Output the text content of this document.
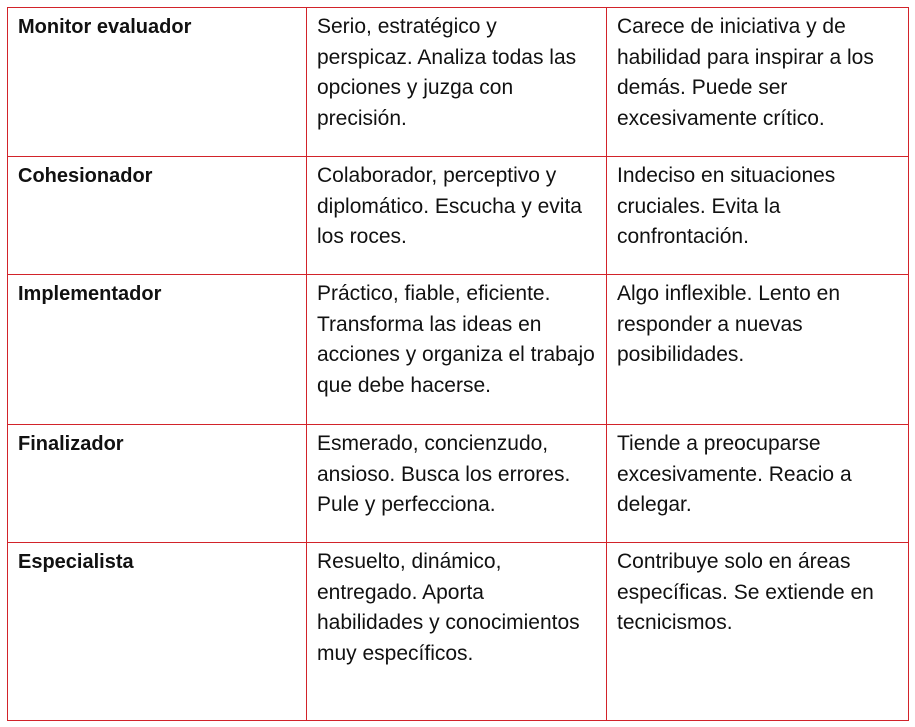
Monitor evaluador	Serio, estratégico y perspicaz. Analiza todas las opciones y juzga con precisión.	Carece de iniciativa y de habilidad para inspirar a los demás. Puede ser excesivamente crítico.
Cohesionador	Colaborador, perceptivo y diplomático. Escucha y evita los roces.	Indeciso en situaciones cruciales. Evita la confrontación.
Implementador	Práctico, fiable, eficiente. Transforma las ideas en acciones y organiza el trabajo que debe hacerse.	Algo inflexible. Lento en responder a nuevas posibilidades.
Finalizador	Esmerado, concienzudo, ansioso. Busca los errores. Pule y perfecciona.	Tiende a preocuparse excesivamente. Reacio a delegar.
Especialista	Resuelto, dinámico, entregado. Aporta habilidades y conocimientos muy específicos.	Contribuye solo en áreas específicas. Se extiende en tecnicismos.
